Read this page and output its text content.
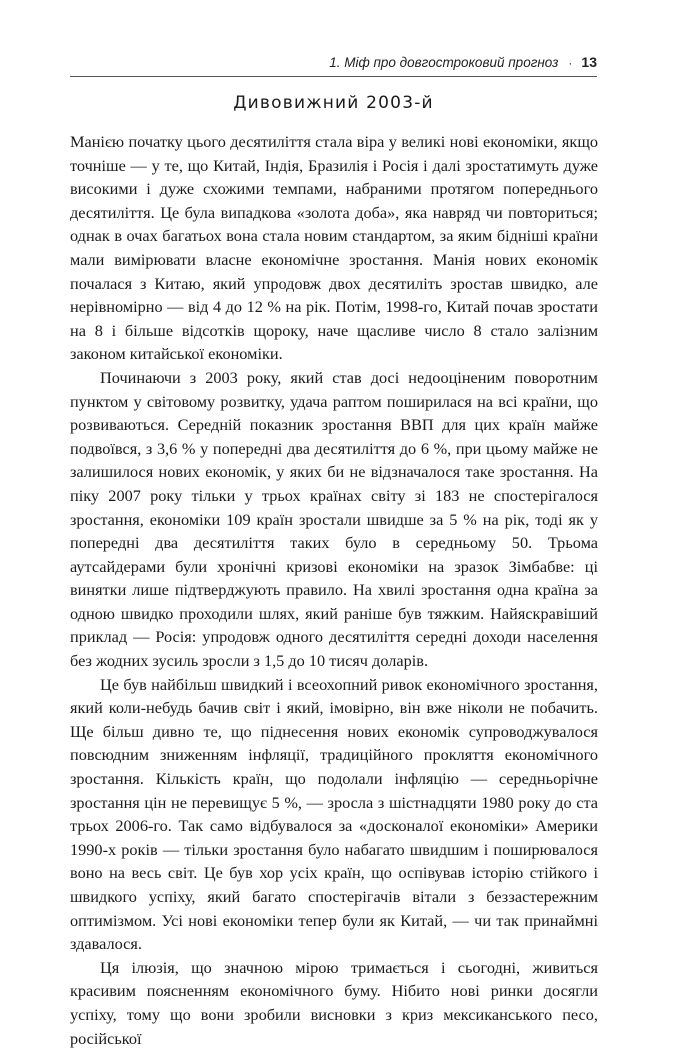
1. Міф про довгостроковий прогноз · 13
Дивовижний 2003-й

Манією початку цього десятиліття стала віра у великі нові економіки, якщо точніше — у те, що Китай, Індія, Бразилія і Росія і далі зростатимуть дуже високими і дуже схожими темпами, набраними протягом попереднього десятиліття. Це була випадкова «золота доба», яка навряд чи повториться; однак в очах багатьох вона стала новим стандартом, за яким бідніші країни мали вимірювати власне економічне зростання. Манія нових економік почалася з Китаю, який упродовж двох десятиліть зростав швидко, але нерівномірно — від 4 до 12 % на рік. Потім, 1998-го, Китай почав зростати на 8 і більше відсотків щороку, наче щасливе число 8 стало залізним законом китайської економіки.

Починаючи з 2003 року, який став досі недооціненим поворотним пунктом у світовому розвитку, удача раптом поширилася на всі країни, що розвиваються. Середній показник зростання ВВП для цих країн майже подвоївся, з 3,6 % у попередні два десятиліття до 6 %, при цьому майже не залишилося нових економік, у яких би не відзначалося таке зростання. На піку 2007 року тільки у трьох країнах світу зі 183 не спостерігалося зростання, економіки 109 країн зростали швидше за 5 % на рік, тоді як у попередні два десятиліття таких було в середньому 50. Трьома аутсайдерами були хронічні кризові економіки на зразок Зімбабве: ці винятки лише підтверджують правило. На хвилі зростання одна країна за одною швидко проходили шлях, який раніше був тяжким. Найяскравіший приклад — Росія: упродовж одного десятиліття середні доходи населення без жодних зусиль зросли з 1,5 до 10 тисяч доларів.

Це був найбільш швидкий і всеохопний ривок економічного зростання, який коли-небудь бачив світ і який, імовірно, він вже ніколи не побачить. Ще більш дивно те, що піднесення нових економік супроводжувалося повсюдним зниженням інфляції, традиційного прокляття економічного зростання. Кількість країн, що подолали інфляцію — середньорічне зростання цін не перевищує 5 %, — зросла з шістнадцяти 1980 року до ста трьох 2006-го. Так само відбувалося за «досконалої економіки» Америки 1990-х років — тільки зростання було набагато швидшим і поширювалося воно на весь світ. Це був хор усіх країн, що оспівував історію стійкого і швидкого успіху, який багато спостерігачів вітали з беззастережним оптимізмом. Усі нові економіки тепер були як Китай, — чи так принаймні здавалося.

Ця ілюзія, що значною мірою тримається і сьогодні, живиться красивим поясненням економічного буму. Нібито нові ринки досягли успіху, тому що вони зробили висновки з криз мексиканського песо, російської
